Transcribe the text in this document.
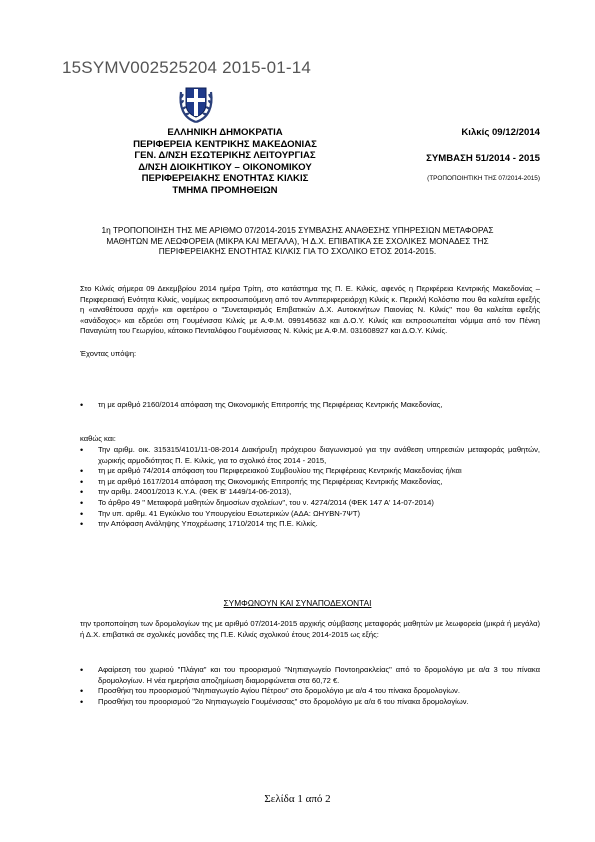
15SYMV002525204 2015-01-14
ΕΛΛΗΝΙΚΗ ΔΗΜΟΚΡΑΤΙΑ
ΠΕΡΙΦΕΡΕΙΑ ΚΕΝΤΡΙΚΗΣ ΜΑΚΕΔΟΝΙΑΣ
ΓΕΝ. Δ/ΝΣΗ ΕΣΩΤΕΡΙΚΗΣ ΛΕΙΤΟΥΡΓΙΑΣ
Δ/ΝΣΗ ΔΙΟΙΚΗΤΙΚΟΥ – ΟΙΚΟΝΟΜΙΚΟΥ
ΠΕΡΙΦΕΡΕΙΑΚΗΣ ΕΝΟΤΗΤΑΣ ΚΙΛΚΙΣ
ΤΜΗΜΑ ΠΡΟΜΗΘΕΙΩΝ
Κιλκίς 09/12/2014
ΣΥΜΒΑΣΗ 51/2014 - 2015
(ΤΡΟΠΟΠΟΙΗΤΙΚΗ ΤΗΣ 07/2014-2015)
1η ΤΡΟΠΟΠΟΙΗΣΗ ΤΗΣ ΜΕ ΑΡΙΘΜΟ 07/2014-2015 ΣΥΜΒΑΣΗΣ ΑΝΑΘΕΣΗΣ ΥΠΗΡΕΣΙΩΝ ΜΕΤΑΦΟΡΑΣ ΜΑΘΗΤΩΝ ΜΕ ΛΕΩΦΟΡΕΙΑ (ΜΙΚΡΑ ΚΑΙ ΜΕΓΑΛΑ), Ή Δ.Χ. ΕΠΙΒΑΤΙΚΑ ΣΕ ΣΧΟΛΙΚΕΣ ΜΟΝΑΔΕΣ ΤΗΣ ΠΕΡΙΦΕΡΕΙΑΚΗΣ ΕΝΟΤΗΤΑΣ ΚΙΛΚΙΣ ΓΙΑ ΤΟ ΣΧΟΛΙΚΟ ΕΤΟΣ 2014-2015.
Στο Κιλκίς σήμερα 09 Δεκεμβρίου 2014 ημέρα Τρίτη, στο κατάστημα της Π. Ε. Κιλκίς, αφενός η Περιφέρεια Κεντρικής Μακεδονίας – Περιφερειακή Ενότητα Κιλκίς, νομίμως εκπροσωπούμενη από τον Αντιπεριφερειάρχη Κιλκίς κ. Περικλή Κολόστιο που θα καλείται εφεξής η «αναθέτουσα αρχή» και αφετέρου ο "Συνεταιρισμός Επιβατικών Δ.Χ. Αυτοκινήτων Παιονίας Ν. Κιλκίς" που θα καλείται εφεξής «ανάδοχος» και εδρεύει στη Γουμένισσα Κιλκίς με Α.Φ.Μ. 099145632 και Δ.Ο.Υ. Κιλκίς και εκπροσωπείται νόμιμα από τον Πένκη Παναγιώτη του Γεωργίου, κάτοικο Πενταλόφου Γουμένισσας Ν. Κιλκίς με Α.Φ.Μ. 031608927 και Δ.Ο.Υ. Κιλκίς.
Έχοντας υπόψη:
• τη με αριθμό 2160/2014 απόφαση της Οικονομικής Επιτροπής της Περιφέρειας Κεντρικής Μακεδονίας,
καθώς και:
• Την αριθμ. οικ. 315315/4101/11-08-2014 Διακήρυξη πρόχειρου διαγωνισμού για την ανάθεση υπηρεσιών μεταφοράς μαθητών, χωρικής αρμοδιότητας Π. Ε. Κιλκίς, για το σχολικό έτος 2014 - 2015,
• τη με αριθμό 74/2014 απόφαση του Περιφερειακού Συμβουλίου της Περιφέρειας Κεντρικής Μακεδονίας ή/και
• τη με αριθμό 1617/2014 απόφαση της Οικονομικής Επιτροπής της Περιφέρειας Κεντρικής Μακεδονίας,
• την αριθμ. 24001/2013 Κ.Υ.Α. (ΦΕΚ Β' 1449/14-06-2013),
• Το άρθρο 49 " Μεταφορά μαθητών δημοσίων σχολείων", του ν. 4274/2014 (ΦΕΚ 147 Α' 14-07-2014)
• Την υπ. αριθμ. 41 Εγκύκλιο του Υπουργείου Εσωτερικών (ΑΔΑ: ΩΗΥΒΝ-7ΨΤ)
• την Απόφαση Ανάληψης Υποχρέωσης 1710/2014 της Π.Ε. Κιλκίς.
ΣΥΜΦΩΝΟΥΝ ΚΑΙ ΣΥΝΑΠΟΔΕΧΟΝΤΑΙ
την τροποποίηση των δρομολογίων της με αριθμό 07/2014-2015 αρχικής σύμβασης μεταφοράς μαθητών με λεωφορεία (μικρά ή μεγάλα) ή Δ.Χ. επιβατικά σε σχολικές μονάδες της Π.Ε. Κιλκίς σχολικού έτους 2014-2015 ως εξής:
• Αφαίρεση του χωριού "Πλάγια" και του προορισμού "Νηπιαγωγείο Ποντοηρακλείας" από το δρομολόγιο με α/α 3 του πίνακα δρομολογίων. Η νέα ημερήσια αποζημίωση διαμορφώνεται στα 60,72 €.
• Προσθήκη του προορισμού "Νηπιαγωγείο Αγίου Πέτρου" στο δρομολόγιο με α/α 4 του πίνακα δρομολογίων.
• Προσθήκη του προορισμού "2ο Νηπιαγωγείο Γουμένισσας" στο δρομολόγιο με α/α 6 του πίνακα δρομολογίων.
Σελίδα 1 από 2
